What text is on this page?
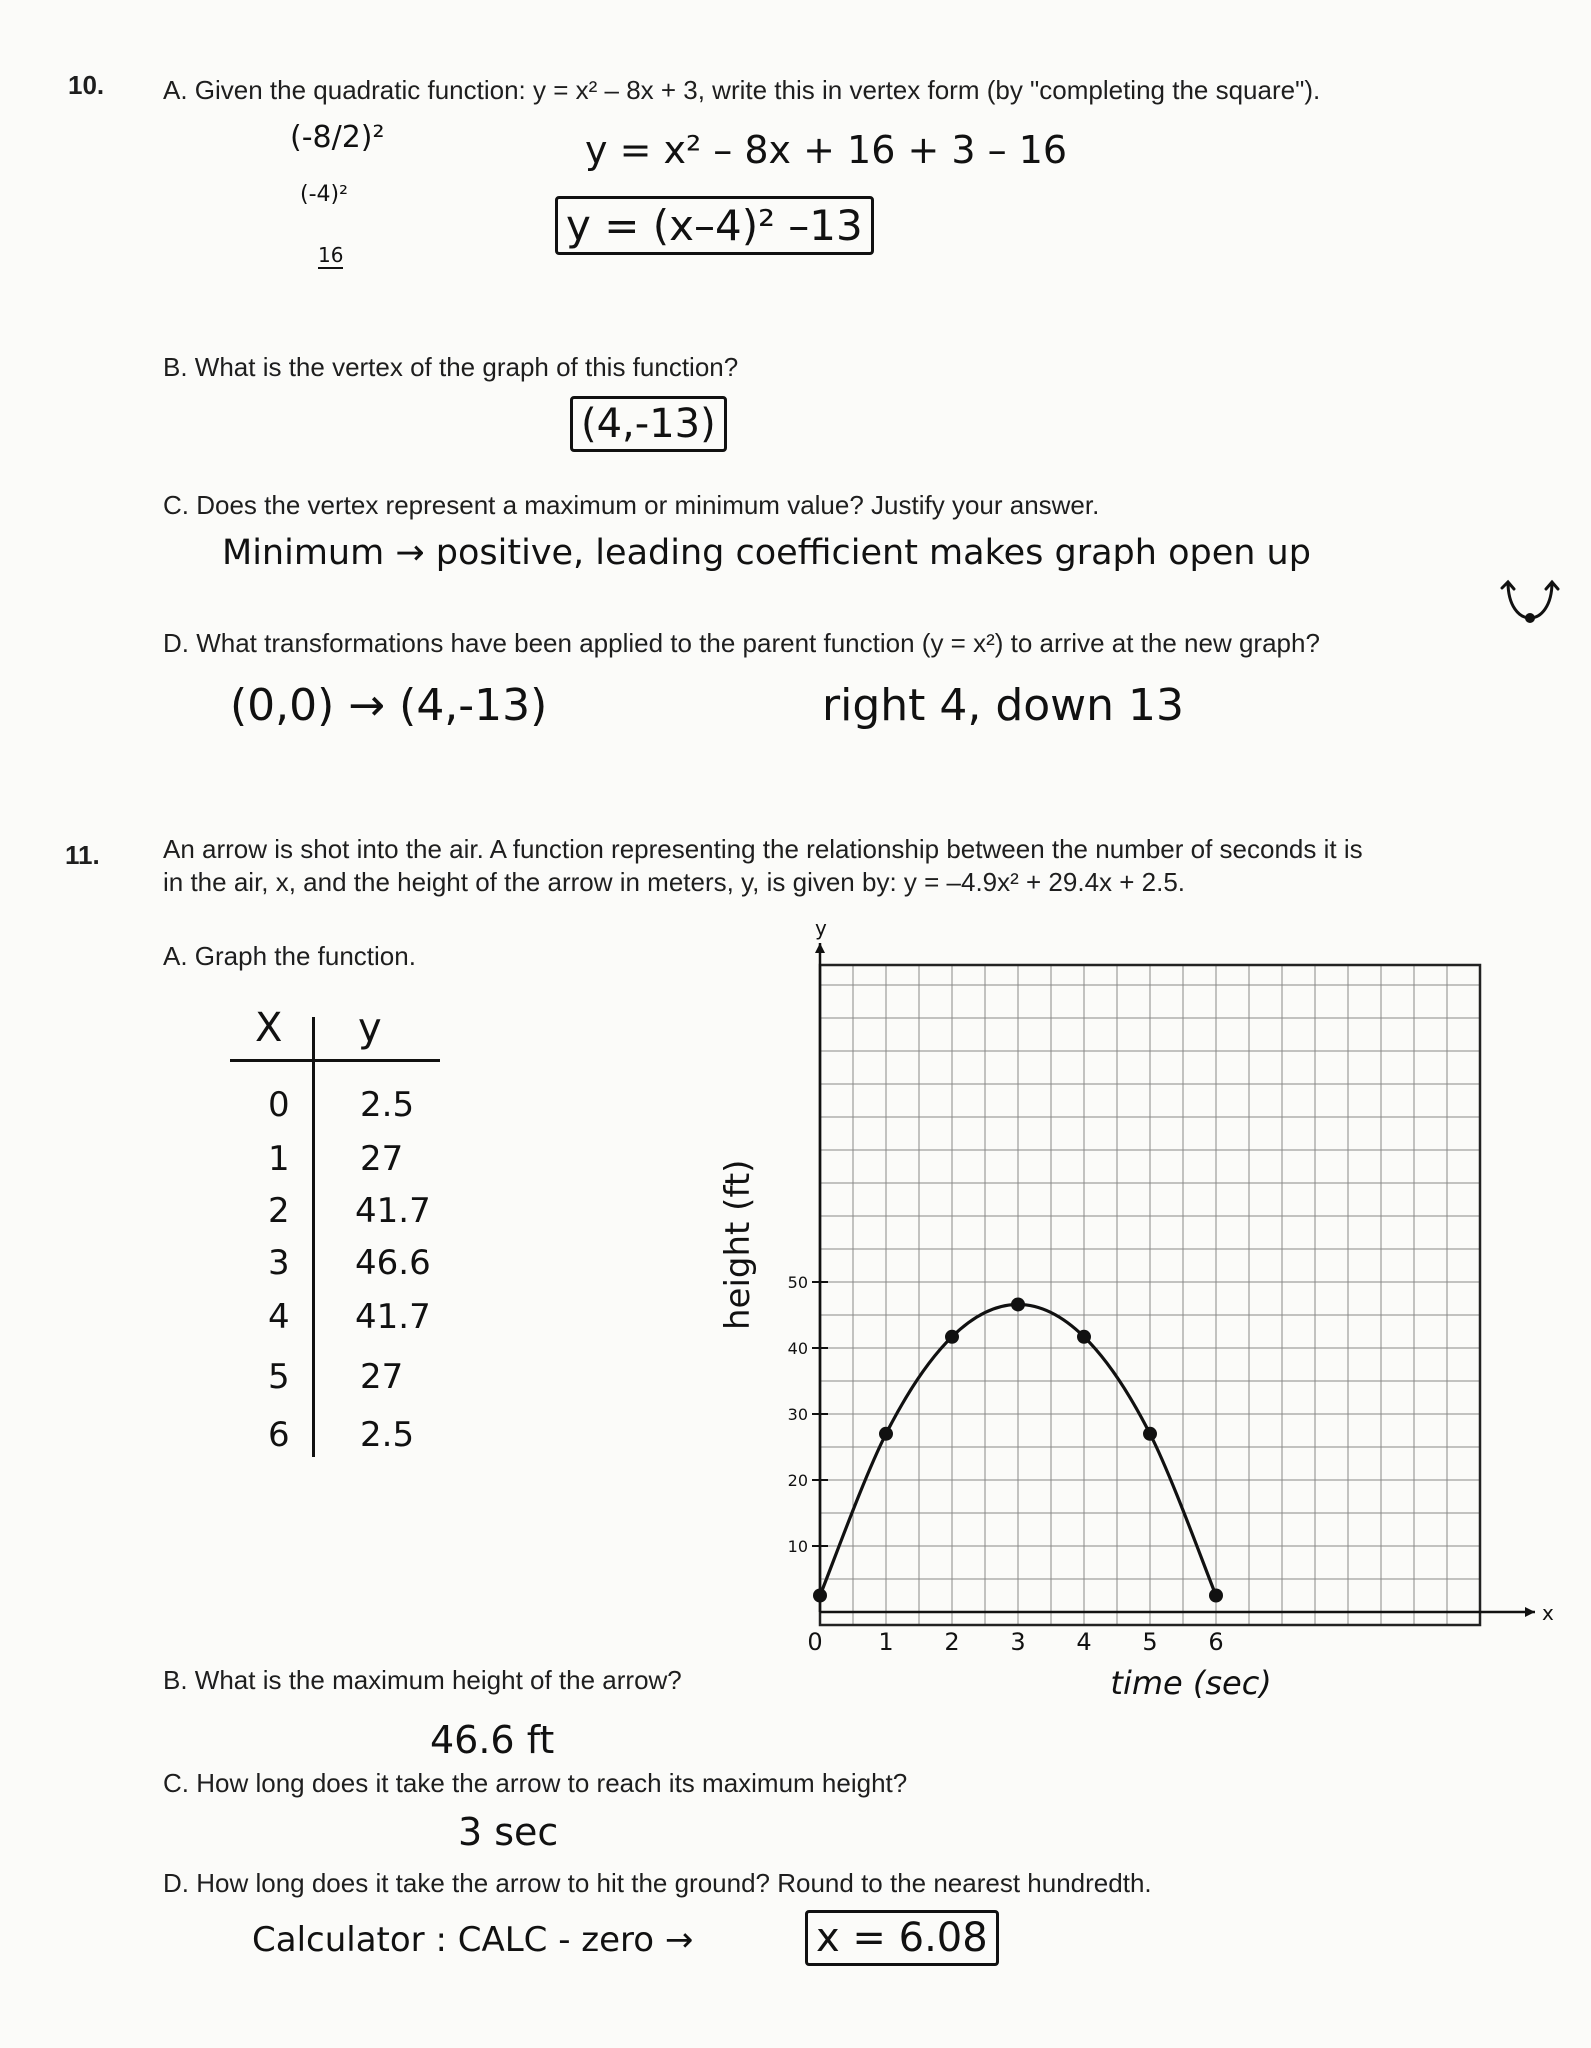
10. A. Given the quadratic function: y = x² – 8x + 3, write this in vertex form (by "completing the square").
(-8/2)²
(-4)²
16
y = x² – 8x + 16 + 3 – 16
y = (x–4)² –13
B. What is the vertex of the graph of this function?
(4,-13)
C. Does the vertex represent a maximum or minimum value? Justify your answer.
Minimum → positive, leading coefficient makes graph open up
D. What transformations have been applied to the parent function (y = x²) to arrive at the new graph?
(0,0) → (4,-13)	right 4, down 13
11. An arrow is shot into the air. A function representing the relationship between the number of seconds it is
in the air, x, and the height of the arrow in meters, y, is given by: y = –4.9x² + 29.4x + 2.5.
A. Graph the function.
X y
0 2.5
1 27
2 41.7
3 46.6
4 41.7
5 27
6 2.5
height (ft)
0 1 2 3 4 5 6
10
20
30
40
50
x
y
time (sec)
B. What is the maximum height of the arrow?
46.6 ft
C. How long does it take the arrow to reach its maximum height?
3 sec
D. How long does it take the arrow to hit the ground? Round to the nearest hundredth.
Calculator : CALC - zero →	x = 6.08
